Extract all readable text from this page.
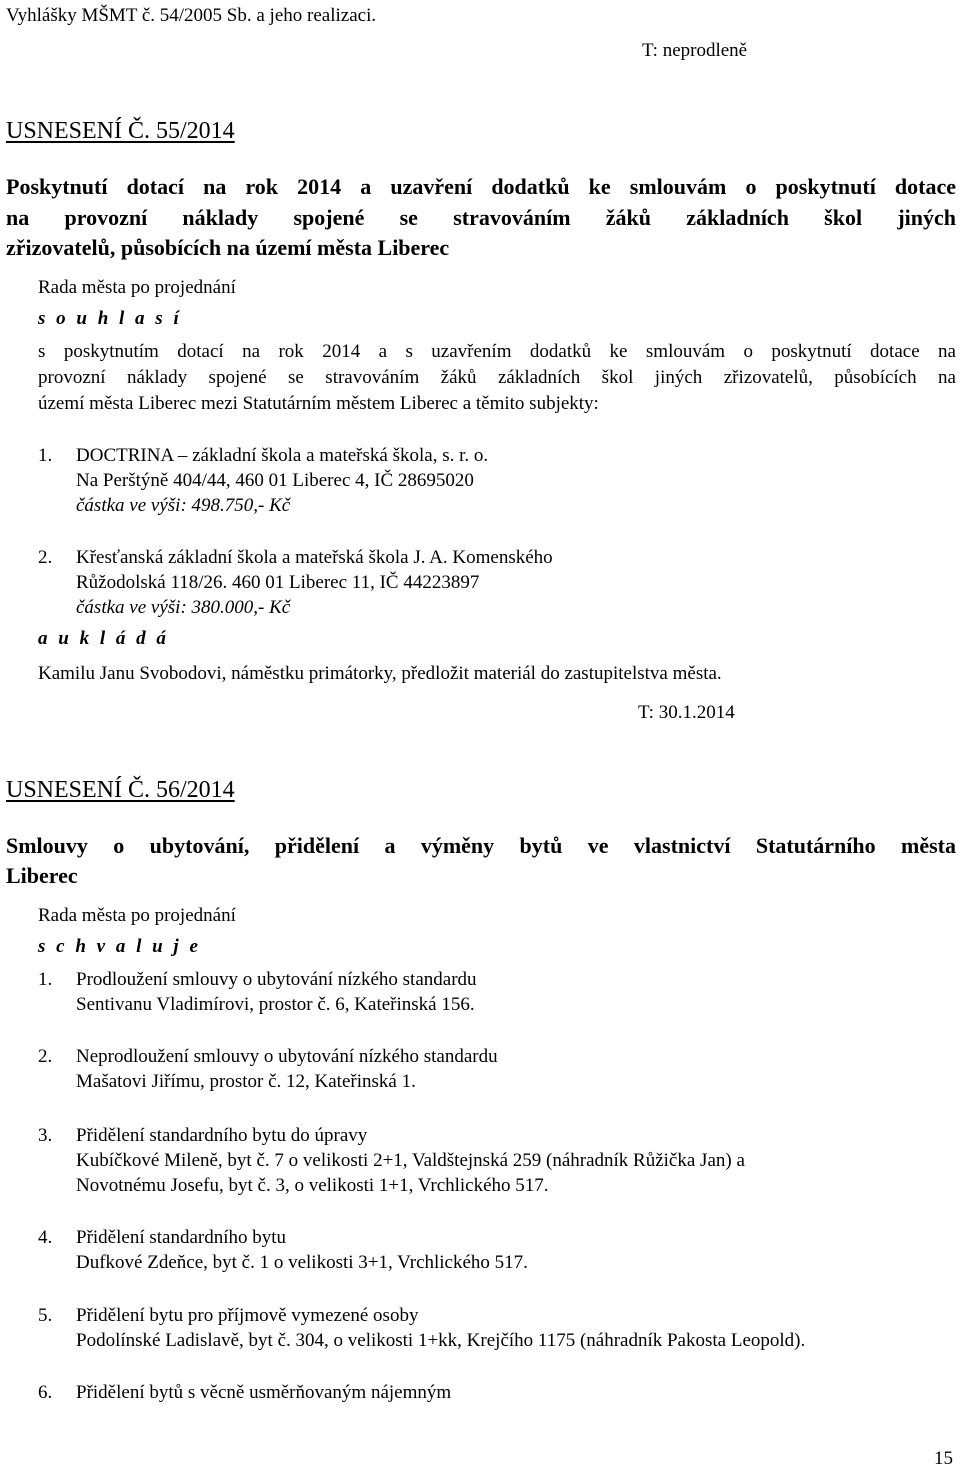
Vyhlášky MŠMT č. 54/2005 Sb. a jeho realizaci.
T: neprodleně
USNESENÍ Č. 55/2014
Poskytnutí dotací na rok 2014 a uzavření dodatků ke smlouvám o poskytnutí dotace
na provozní náklady spojené se stravováním žáků základních škol jiných
zřizovatelů, působících na území města Liberec
Rada města po projednání
s o u h l a s í
s poskytnutím dotací na rok 2014 a s uzavřením dodatků ke smlouvám o poskytnutí dotace na
provozní náklady spojené se stravováním žáků základních škol jiných zřizovatelů, působících na
území města Liberec mezi Statutárním městem Liberec a těmito subjekty:
1. DOCTRINA – základní škola a mateřská škola, s. r. o.
Na Perštýně 404/44, 460 01 Liberec 4, IČ 28695020
částka ve výši: 498.750,- Kč
2. Křesťanská základní škola a mateřská škola J. A. Komenského
Růžodolská 118/26. 460 01 Liberec 11, IČ 44223897
částka ve výši: 380.000,- Kč
a u k l á d á
Kamilu Janu Svobodovi, náměstku primátorky, předložit materiál do zastupitelstva města.
T: 30.1.2014
USNESENÍ Č. 56/2014
Smlouvy o ubytování, přidělení a výměny bytů ve vlastnictví Statutárního města
Liberec
Rada města po projednání
s c h v a l u j e
1. Prodloužení smlouvy o ubytování nízkého standardu
Sentivanu Vladimírovi, prostor č. 6, Kateřinská 156.
2. Neprodloužení smlouvy o ubytování nízkého standardu
Mašatovi Jiřímu, prostor č. 12, Kateřinská 1.
3. Přidělení standardního bytu do úpravy
Kubíčkové Mileně, byt č. 7 o velikosti 2+1, Valdštejnská 259 (náhradník Růžička Jan) a
Novotnému Josefu, byt č. 3, o velikosti 1+1, Vrchlického 517.
4. Přidělení standardního bytu
Dufkové Zdeňce, byt č. 1 o velikosti 3+1, Vrchlického 517.
5. Přidělení bytu pro příjmově vymezené osoby
Podolínské Ladislavě, byt č. 304, o velikosti 1+kk, Krejčího 1175 (náhradník Pakosta Leopold).
6. Přidělení bytů s věcně usměrňovaným nájemným
15
